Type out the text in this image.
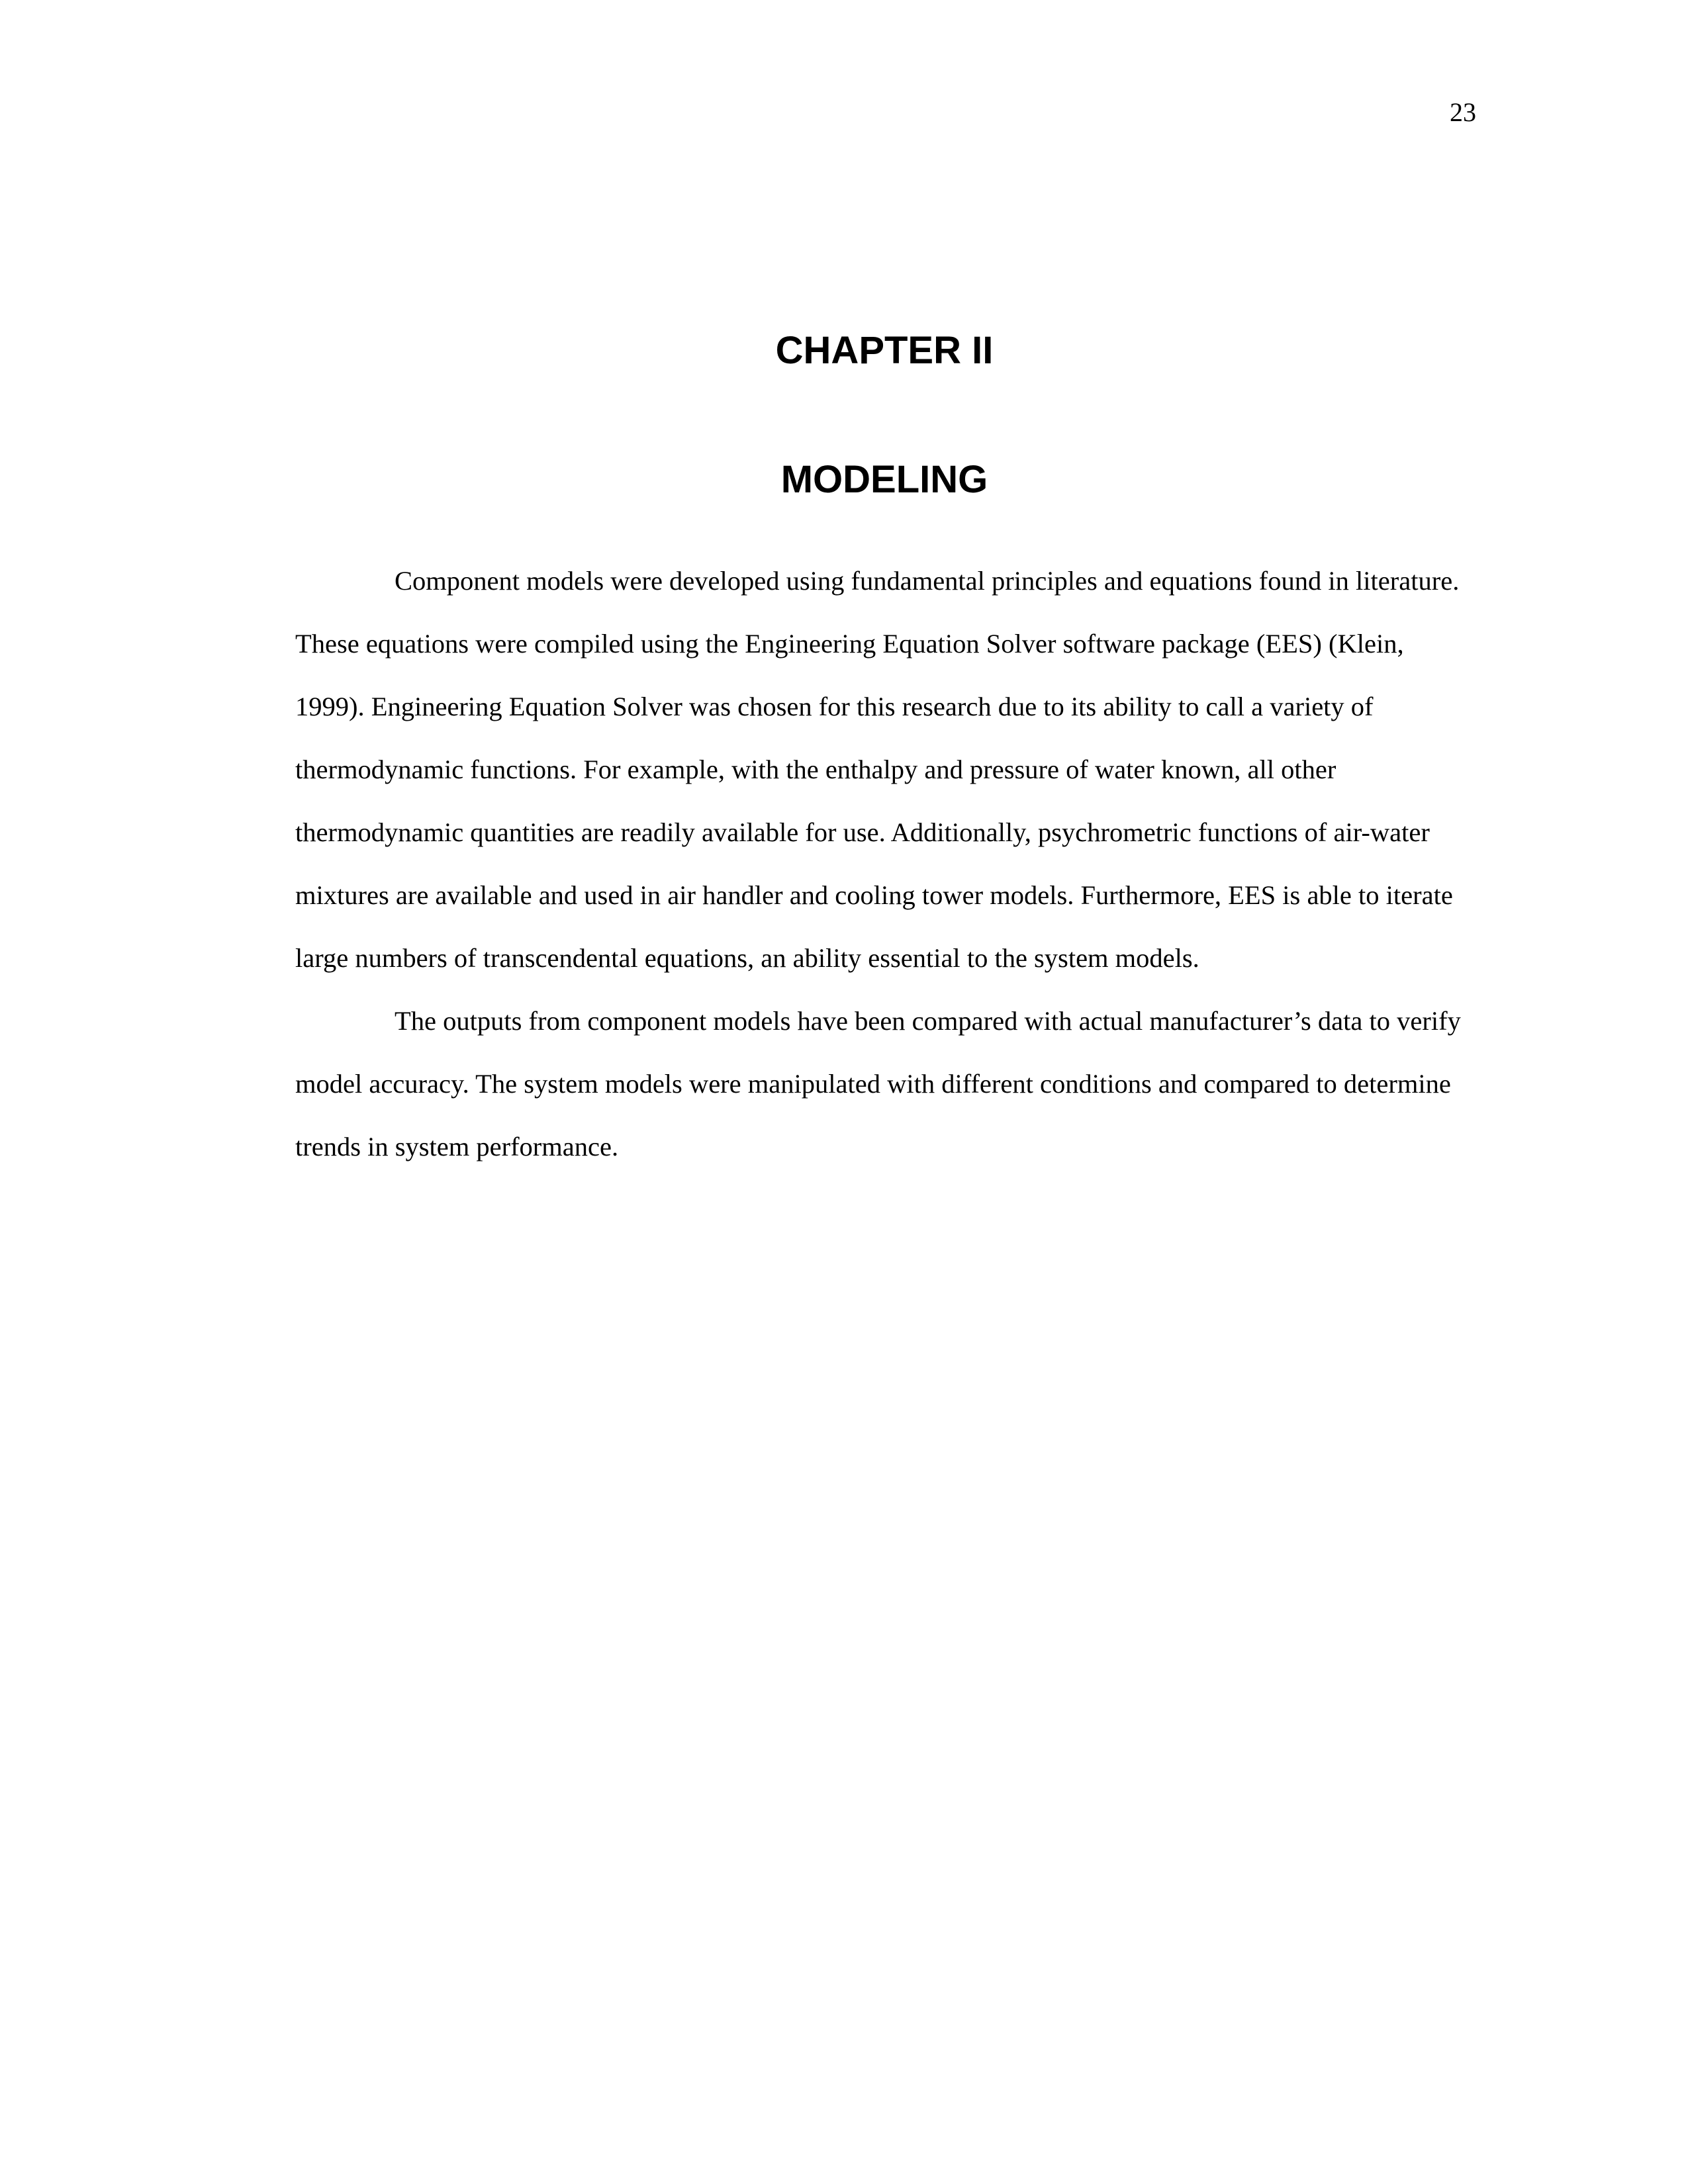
23
CHAPTER II
MODELING

Component models were developed using fundamental principles and equations found in literature. These equations were compiled using the Engineering Equation Solver software package (EES) (Klein, 1999). Engineering Equation Solver was chosen for this research due to its ability to call a variety of thermodynamic functions. For example, with the enthalpy and pressure of water known, all other thermodynamic quantities are readily available for use. Additionally, psychrometric functions of air-water mixtures are available and used in air handler and cooling tower models. Furthermore, EES is able to iterate large numbers of transcendental equations, an ability essential to the system models.

The outputs from component models have been compared with actual manufacturer’s data to verify model accuracy. The system models were manipulated with different conditions and compared to determine trends in system performance.
